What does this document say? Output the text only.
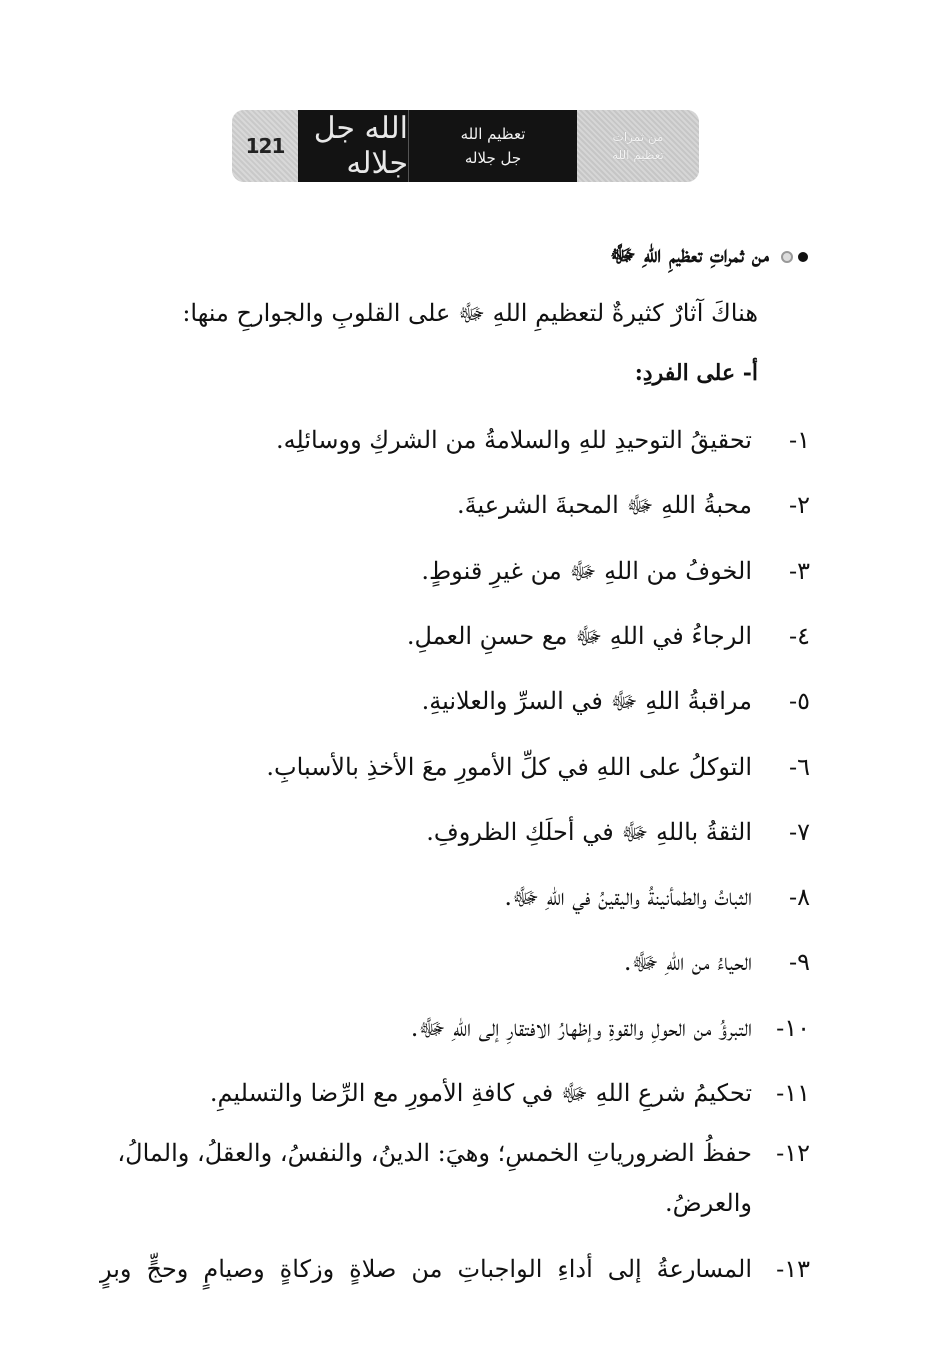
121 الله جل جلاله
تعظيم الله
جل جلاله
من ثمرات
تعظيم الله
من ثمراتِ تعظيمِ اللهِ ﷻ
هناكَ آثارٌ كثيرةٌ لتعظيمِ اللهِ ﷻ على القلوبِ والجوارحِ منها:
أ- على الفردِ:
١-
تحقيقُ التوحيدِ للهِ والسلامةُ من الشركِ ووسائلِه.
٢-
محبةُ اللهِ ﷻ المحبةَ الشرعيةَ.
٣-
الخوفُ من اللهِ ﷻ من غيرِ قنوطٍ.
٤-
الرجاءُ في اللهِ ﷻ مع حسنِ العملِ.
٥-
مراقبةُ اللهِ ﷻ في السرِّ والعلانيةِ.
٦-
التوكلُ على اللهِ في كلِّ الأمورِ معَ الأخذِ بالأسبابِ.
٧-
الثقةُ باللهِ ﷻ في أحلَكِ الظروفِ.
٨-
الثباتُ والطمأنينةُ واليقينُ في اللهِ ﷻ.
٩-
الحياءُ من اللهِ ﷻ.
١٠-
التبرؤُ من الحولِ والقوةِ وإظهارُ الافتقارِ إلى اللهِ ﷻ.
١١-
تحكيمُ شرعِ اللهِ ﷻ في كافةِ الأمورِ مع الرِّضا والتسليمِ.
١٢-
حفظُ الضرورياتِ الخمسِ؛ وهيَ: الدينُ، والنفسُ، والعقلُ، والمالُ، والعرضُ.
١٣-
المسارعةُ إلى أداءِ الواجباتِ من صلاةٍ وزكاةٍ وصيامٍ وحجٍّ وبرٍ
